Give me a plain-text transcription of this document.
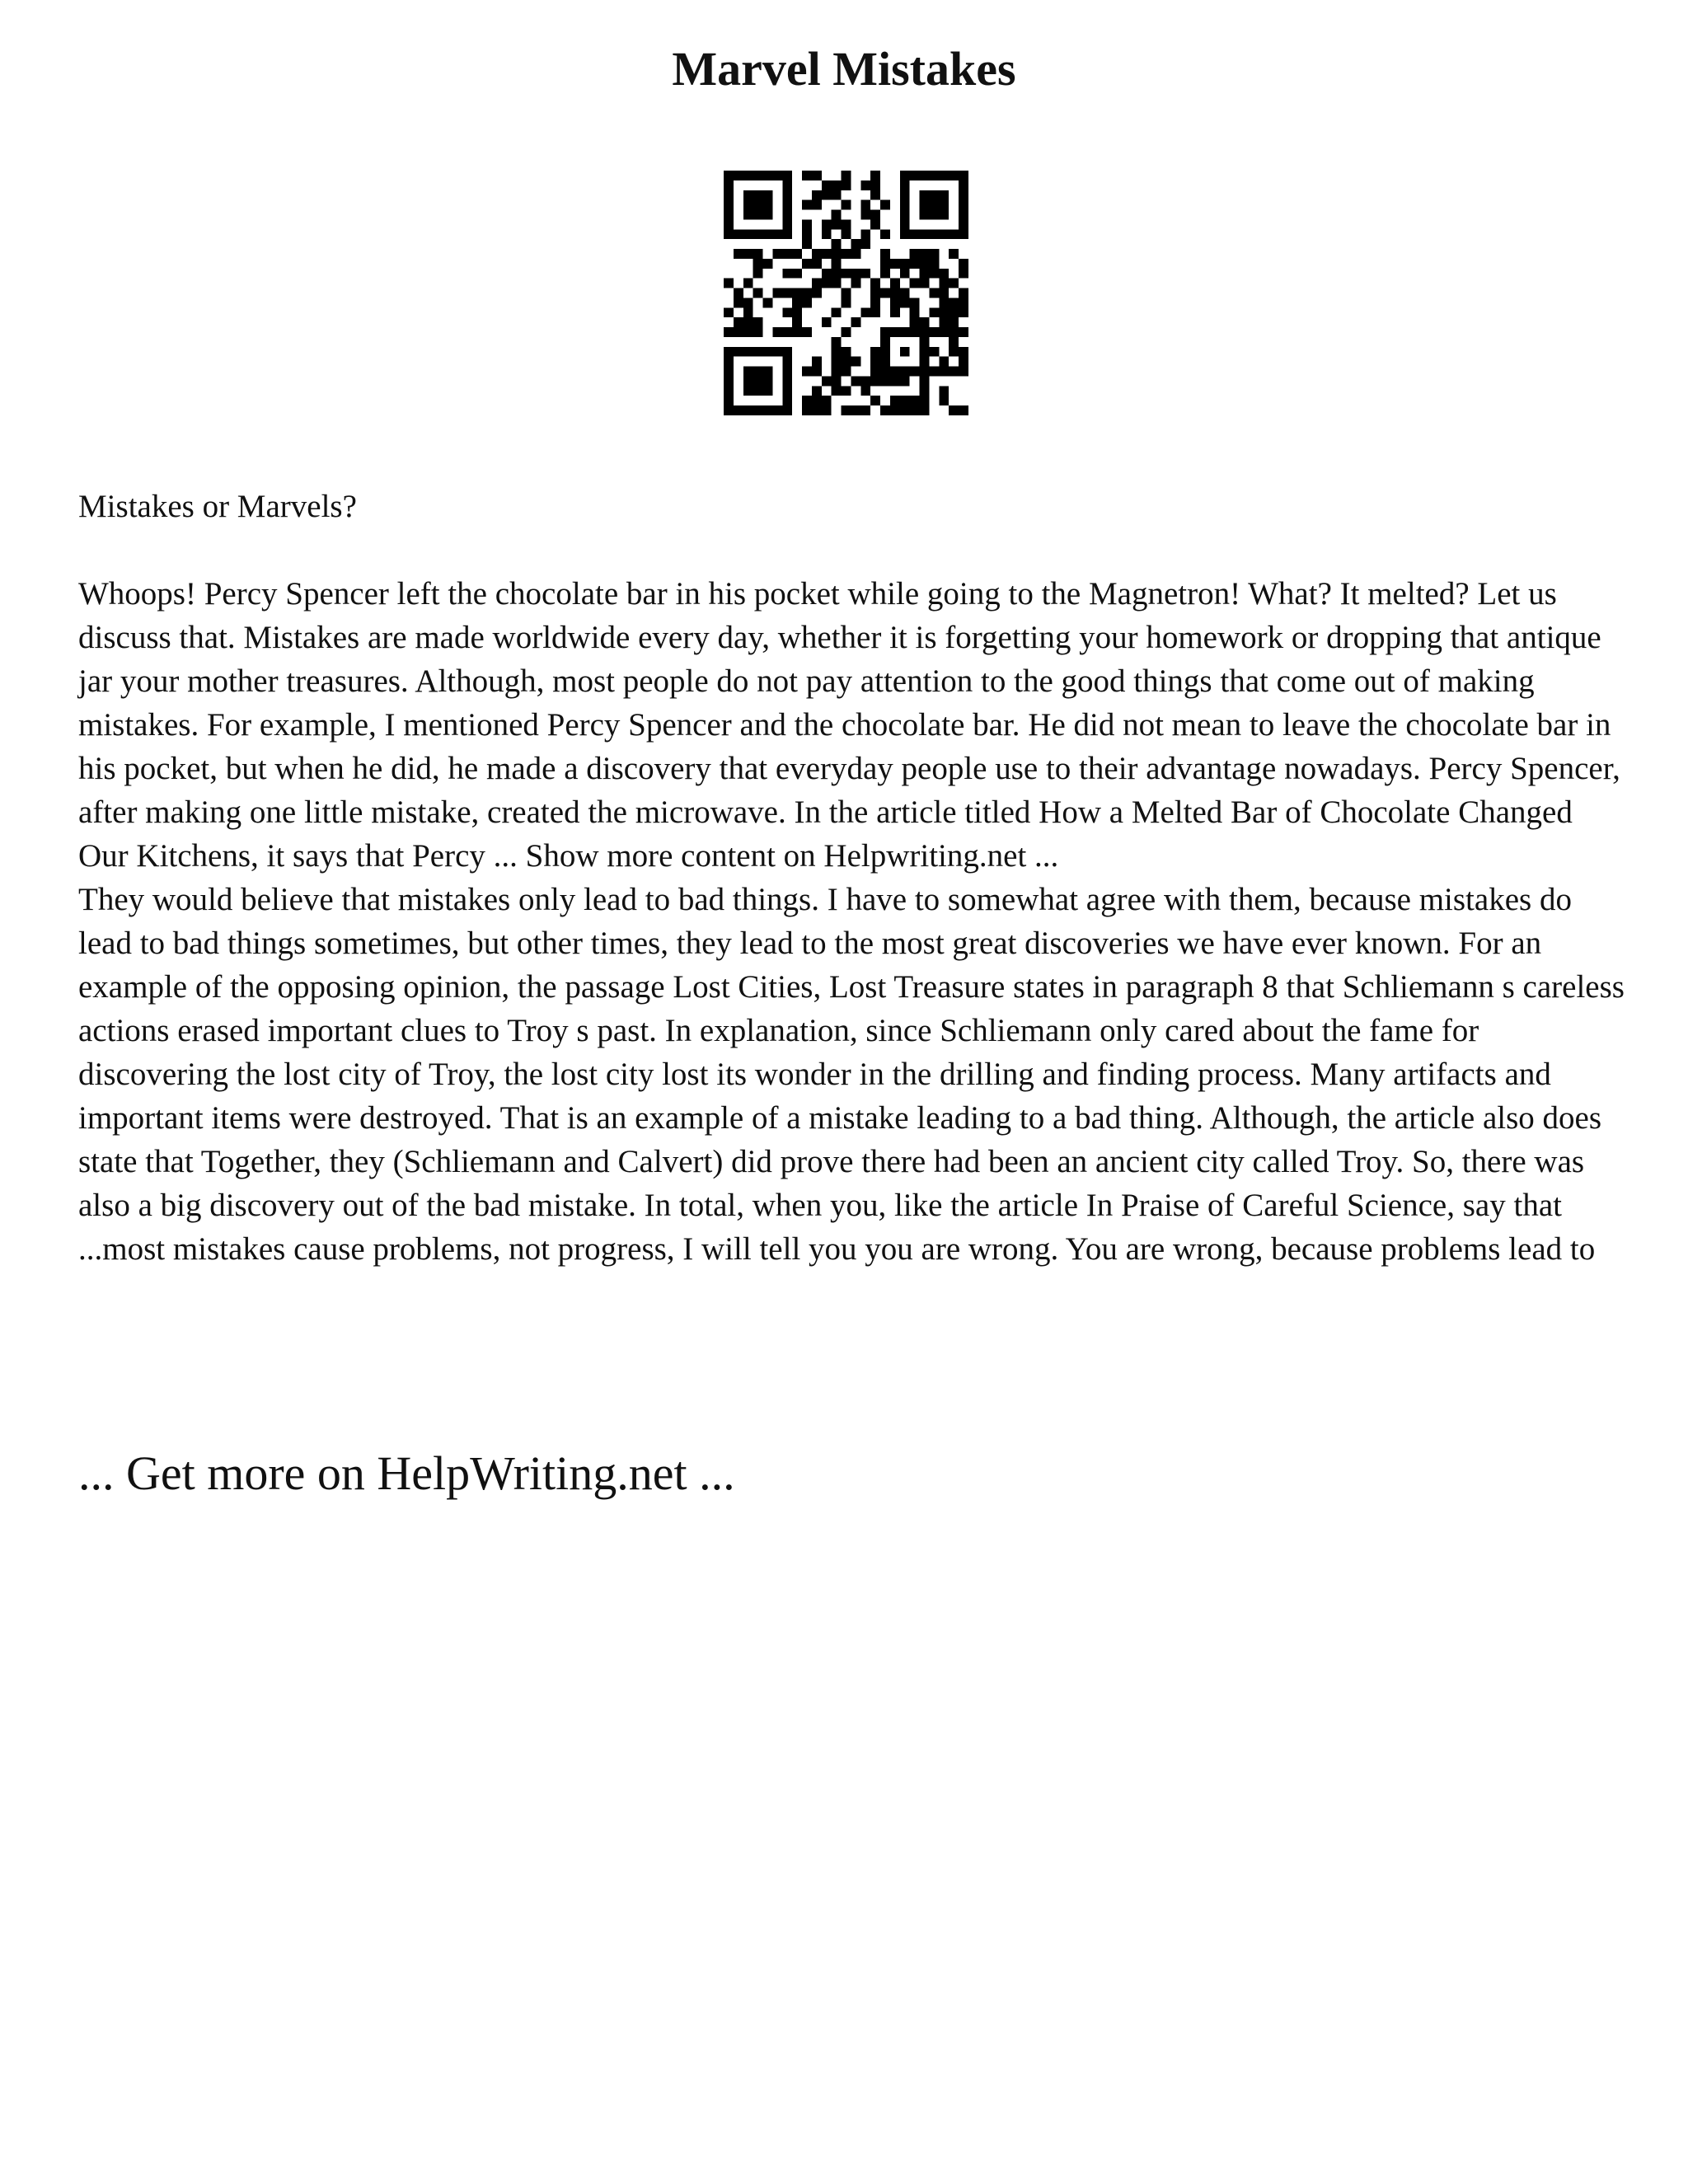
Marvel Mistakes

Mistakes or Marvels?

Whoops! Percy Spencer left the chocolate bar in his pocket while going to the Magnetron! What? It melted? Let us discuss that. Mistakes are made worldwide every day, whether it is forgetting your homework or dropping that antique jar your mother treasures. Although, most people do not pay attention to the good things that come out of making mistakes. For example, I mentioned Percy Spencer and the chocolate bar. He did not mean to leave the chocolate bar in his pocket, but when he did, he made a discovery that everyday people use to their advantage nowadays. Percy Spencer, after making one little mistake, created the microwave. In the article titled How a Melted Bar of Chocolate Changed Our Kitchens, it says that Percy ... Show more content on Helpwriting.net ...

They would believe that mistakes only lead to bad things. I have to somewhat agree with them, because mistakes do lead to bad things sometimes, but other times, they lead to the most great discoveries we have ever known. For an example of the opposing opinion, the passage Lost Cities, Lost Treasure states in paragraph 8 that Schliemann s careless actions erased important clues to Troy s past. In explanation, since Schliemann only cared about the fame for discovering the lost city of Troy, the lost city lost its wonder in the drilling and finding process. Many artifacts and important items were destroyed. That is an example of a mistake leading to a bad thing. Although, the article also does state that Together, they (Schliemann and Calvert) did prove there had been an ancient city called Troy. So, there was also a big discovery out of the bad mistake. In total, when you, like the article In Praise of Careful Science, say that ...most mistakes cause problems, not progress, I will tell you you are wrong. You are wrong, because problems lead to

... Get more on HelpWriting.net ...
